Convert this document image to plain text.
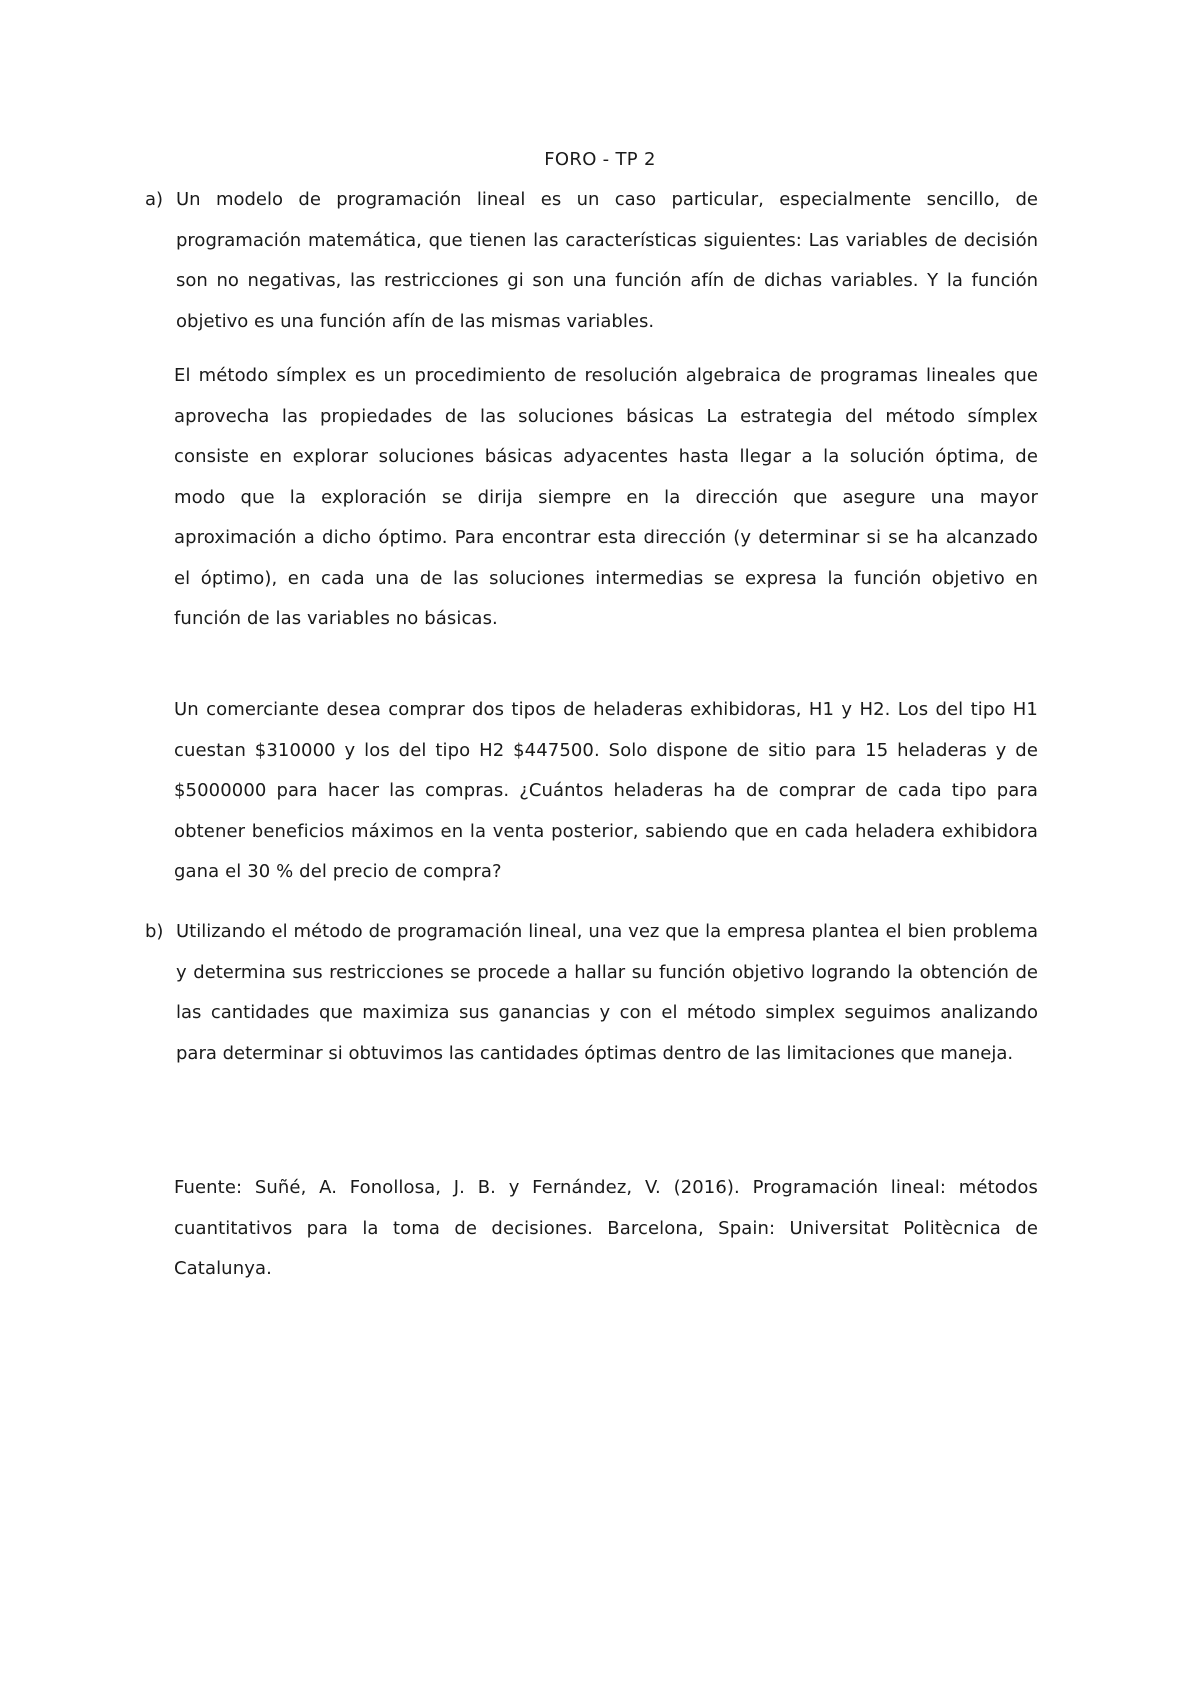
FORO - TP 2
a) Un modelo de programación lineal es un caso particular, especialmente sencillo, de programación matemática, que tienen las características siguientes: Las variables de decisión son no negativas, las restricciones gi son una función afín de dichas variables. Y la función objetivo es una función afín de las mismas variables.
El método símplex es un procedimiento de resolución algebraica de programas lineales que aprovecha las propiedades de las soluciones básicas La estrategia del método símplex consiste en explorar soluciones básicas adyacentes hasta llegar a la solución óptima, de modo que la exploración se dirija siempre en la dirección que asegure una mayor aproximación a dicho óptimo. Para encontrar esta dirección (y determinar si se ha alcanzado el óptimo), en cada una de las soluciones intermedias se expresa la función objetivo en función de las variables no básicas.
Un comerciante desea comprar dos tipos de heladeras exhibidoras, H1 y H2. Los del tipo H1 cuestan $310000 y los del tipo H2 $447500. Solo dispone de sitio para 15 heladeras y de $5000000 para hacer las compras. ¿Cuántos heladeras ha de comprar de cada tipo para obtener beneficios máximos en la venta posterior, sabiendo que en cada heladera exhibidora gana el 30 % del precio de compra?
b) Utilizando el método de programación lineal, una vez que la empresa plantea el bien problema y determina sus restricciones se procede a hallar su función objetivo logrando la obtención de las cantidades que maximiza sus ganancias y con el método simplex seguimos analizando para determinar si obtuvimos las cantidades óptimas dentro de las limitaciones que maneja.
Fuente: Suñé, A. Fonollosa, J. B. y Fernández, V. (2016). Programación lineal: métodos cuantitativos para la toma de decisiones. Barcelona, Spain: Universitat Politècnica de Catalunya.
